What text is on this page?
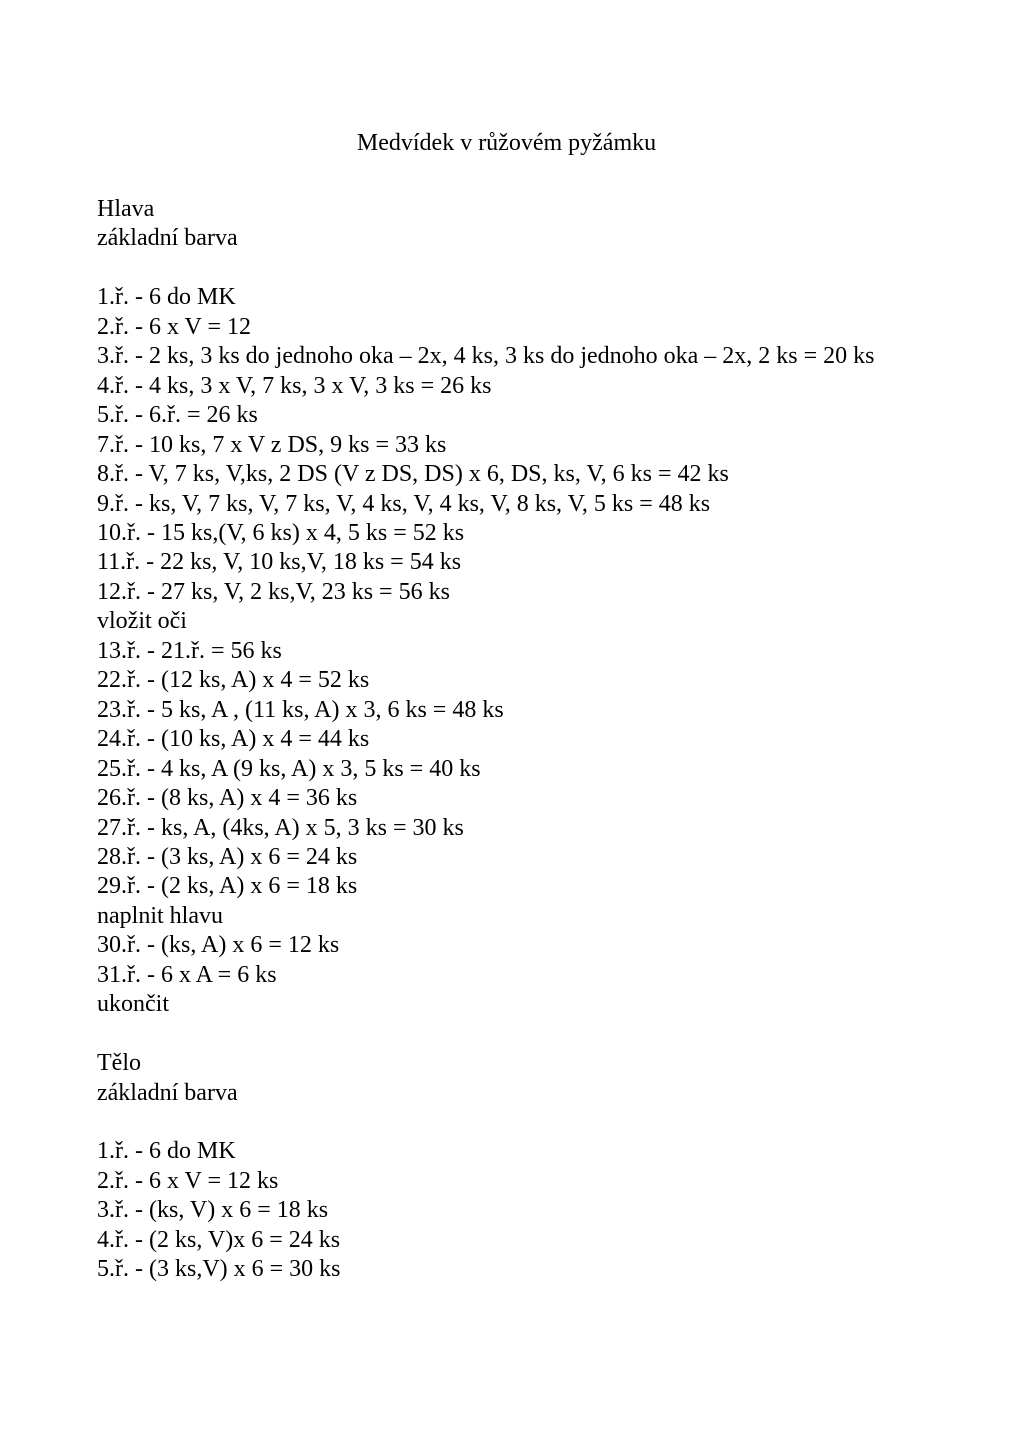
Medvídek v růžovém pyžámku
Hlava
základní barva
1.ř. - 6 do MK
2.ř. - 6 x V = 12
3.ř. - 2 ks, 3 ks do jednoho oka – 2x, 4 ks, 3 ks do jednoho oka – 2x, 2 ks = 20 ks
4.ř. - 4 ks, 3 x V, 7 ks, 3 x V, 3 ks = 26 ks
5.ř. - 6.ř. = 26 ks
7.ř. - 10 ks, 7 x V z DS, 9 ks = 33 ks
8.ř. - V, 7 ks, V,ks, 2 DS (V z DS, DS) x 6, DS, ks, V, 6 ks = 42 ks
9.ř. - ks, V, 7 ks, V, 7 ks, V, 4 ks, V, 4 ks, V, 8 ks, V, 5 ks = 48 ks
10.ř. - 15 ks,(V, 6 ks) x 4, 5 ks = 52 ks
11.ř. - 22 ks, V, 10 ks,V, 18 ks = 54 ks
12.ř. - 27 ks, V, 2 ks,V, 23 ks = 56 ks
vložit oči
13.ř. - 21.ř. = 56 ks
22.ř. - (12 ks, A) x 4 = 52 ks
23.ř. - 5 ks, A , (11 ks, A) x 3, 6 ks = 48 ks
24.ř. - (10 ks, A) x 4 = 44 ks
25.ř. - 4 ks, A (9 ks, A) x 3, 5 ks = 40 ks
26.ř. - (8 ks, A) x 4 = 36 ks
27.ř. - ks, A, (4ks, A) x 5, 3 ks = 30 ks
28.ř. - (3 ks, A) x 6 = 24 ks
29.ř. - (2 ks, A) x 6 = 18 ks
naplnit hlavu
30.ř. - (ks, A) x 6 = 12 ks
31.ř. - 6 x A = 6 ks
ukončit
Tělo
základní barva
1.ř. - 6 do MK
2.ř. - 6 x V = 12 ks
3.ř. - (ks, V) x 6 = 18 ks
4.ř. - (2 ks, V)x 6 = 24 ks
5.ř. - (3 ks,V) x 6 = 30 ks
